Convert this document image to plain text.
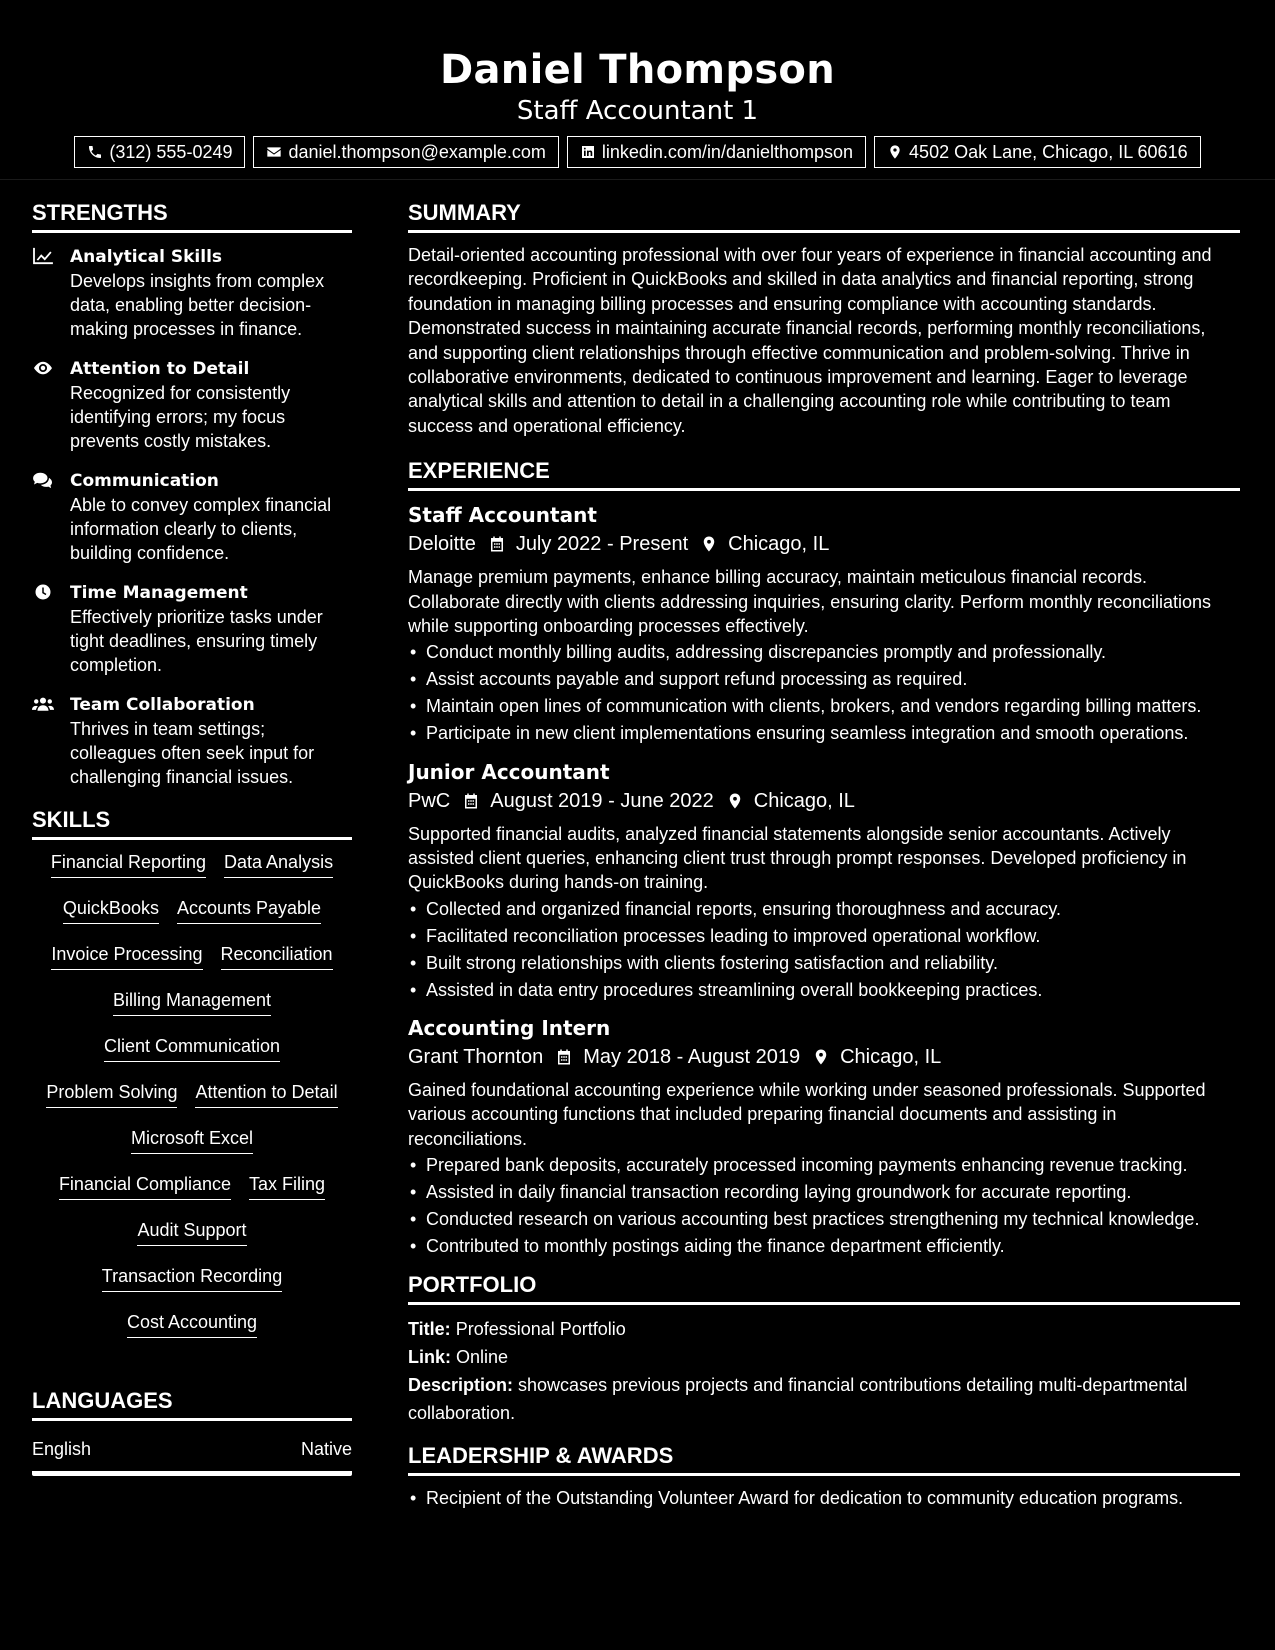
Daniel Thompson
Staff Accountant 1
(312) 555-0249	daniel.thompson@example.com	linkedin.com/in/danielthompson	4502 Oak Lane, Chicago, IL 60616
STRENGTHS
Analytical Skills
Develops insights from complex data, enabling better decision-making processes in finance.
Attention to Detail
Recognized for consistently identifying errors; my focus prevents costly mistakes.
Communication
Able to convey complex financial information clearly to clients, building confidence.
Time Management
Effectively prioritize tasks under tight deadlines, ensuring timely completion.
Team Collaboration
Thrives in team settings; colleagues often seek input for challenging financial issues.
SKILLS
Financial Reporting Data Analysis
QuickBooks Accounts Payable
Invoice Processing Reconciliation
Billing Management
Client Communication
Problem Solving Attention to Detail
Microsoft Excel
Financial Compliance Tax Filing
Audit Support
Transaction Recording
Cost Accounting
LANGUAGES
English	Native
SUMMARY
Detail-oriented accounting professional with over four years of experience in financial accounting and recordkeeping. Proficient in QuickBooks and skilled in data analytics and financial reporting, strong foundation in managing billing processes and ensuring compliance with accounting standards. Demonstrated success in maintaining accurate financial records, performing monthly reconciliations, and supporting client relationships through effective communication and problem-solving. Thrive in collaborative environments, dedicated to continuous improvement and learning. Eager to leverage analytical skills and attention to detail in a challenging accounting role while contributing to team success and operational efficiency.
EXPERIENCE
Staff Accountant
Deloitte July 2022 - Present Chicago, IL
Manage premium payments, enhance billing accuracy, maintain meticulous financial records. Collaborate directly with clients addressing inquiries, ensuring clarity. Perform monthly reconciliations while supporting onboarding processes effectively.
• Conduct monthly billing audits, addressing discrepancies promptly and professionally.
• Assist accounts payable and support refund processing as required.
• Maintain open lines of communication with clients, brokers, and vendors regarding billing matters.
• Participate in new client implementations ensuring seamless integration and smooth operations.
Junior Accountant
PwC August 2019 - June 2022 Chicago, IL
Supported financial audits, analyzed financial statements alongside senior accountants. Actively assisted client queries, enhancing client trust through prompt responses. Developed proficiency in QuickBooks during hands-on training.
• Collected and organized financial reports, ensuring thoroughness and accuracy.
• Facilitated reconciliation processes leading to improved operational workflow.
• Built strong relationships with clients fostering satisfaction and reliability.
• Assisted in data entry procedures streamlining overall bookkeeping practices.
Accounting Intern
Grant Thornton May 2018 - August 2019 Chicago, IL
Gained foundational accounting experience while working under seasoned professionals. Supported various accounting functions that included preparing financial documents and assisting in reconciliations.
• Prepared bank deposits, accurately processed incoming payments enhancing revenue tracking.
• Assisted in daily financial transaction recording laying groundwork for accurate reporting.
• Conducted research on various accounting best practices strengthening my technical knowledge.
• Contributed to monthly postings aiding the finance department efficiently.
PORTFOLIO

Title: Professional Portfolio

Link: Online

Description: showcases previous projects and financial contributions detailing multi-departmental collaboration.

LEADERSHIP & AWARDS
• Recipient of the Outstanding Volunteer Award for dedication to community education programs.
